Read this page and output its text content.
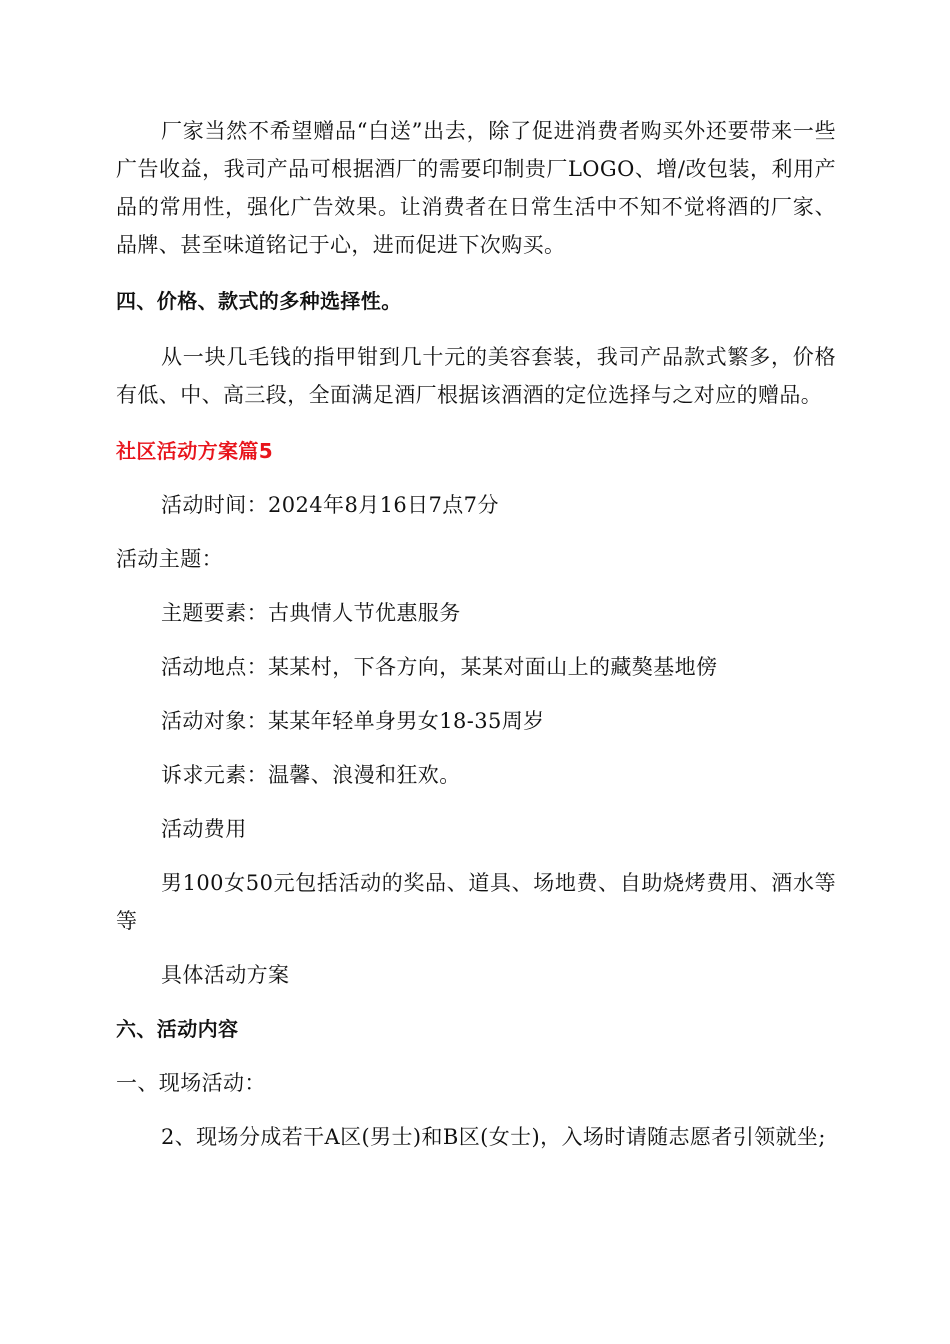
厂家当然不希望赠品“白送”出去，除了促进消费者购买外还要带来一些广告收益，我司产品可根据酒厂的需要印制贵厂LOGO、增/改包装，利用产品的常用性，强化广告效果。让消费者在日常生活中不知不觉将酒的厂家、品牌、甚至味道铭记于心，进而促进下次购买。

四、价格、款式的多种选择性。

从一块几毛钱的指甲钳到几十元的美容套装，我司产品款式繁多，价格有低、中、高三段，全面满足酒厂根据该酒酒的定位选择与之对应的赠品。

社区活动方案篇5

活动时间：2024年8月16日7点7分

活动主题：

主题要素：古典情人节优惠服务

活动地点：某某村，下各方向，某某对面山上的藏獒基地傍

活动对象：某某年轻单身男女18-35周岁

诉求元素：温馨、浪漫和狂欢。

活动费用

男100女50元包括活动的奖品、道具、场地费、自助烧烤费用、酒水等等

具体活动方案

六、活动内容

一、现场活动：

2、现场分成若干A区(男士)和B区(女士)，入场时请随志愿者引领就坐;
